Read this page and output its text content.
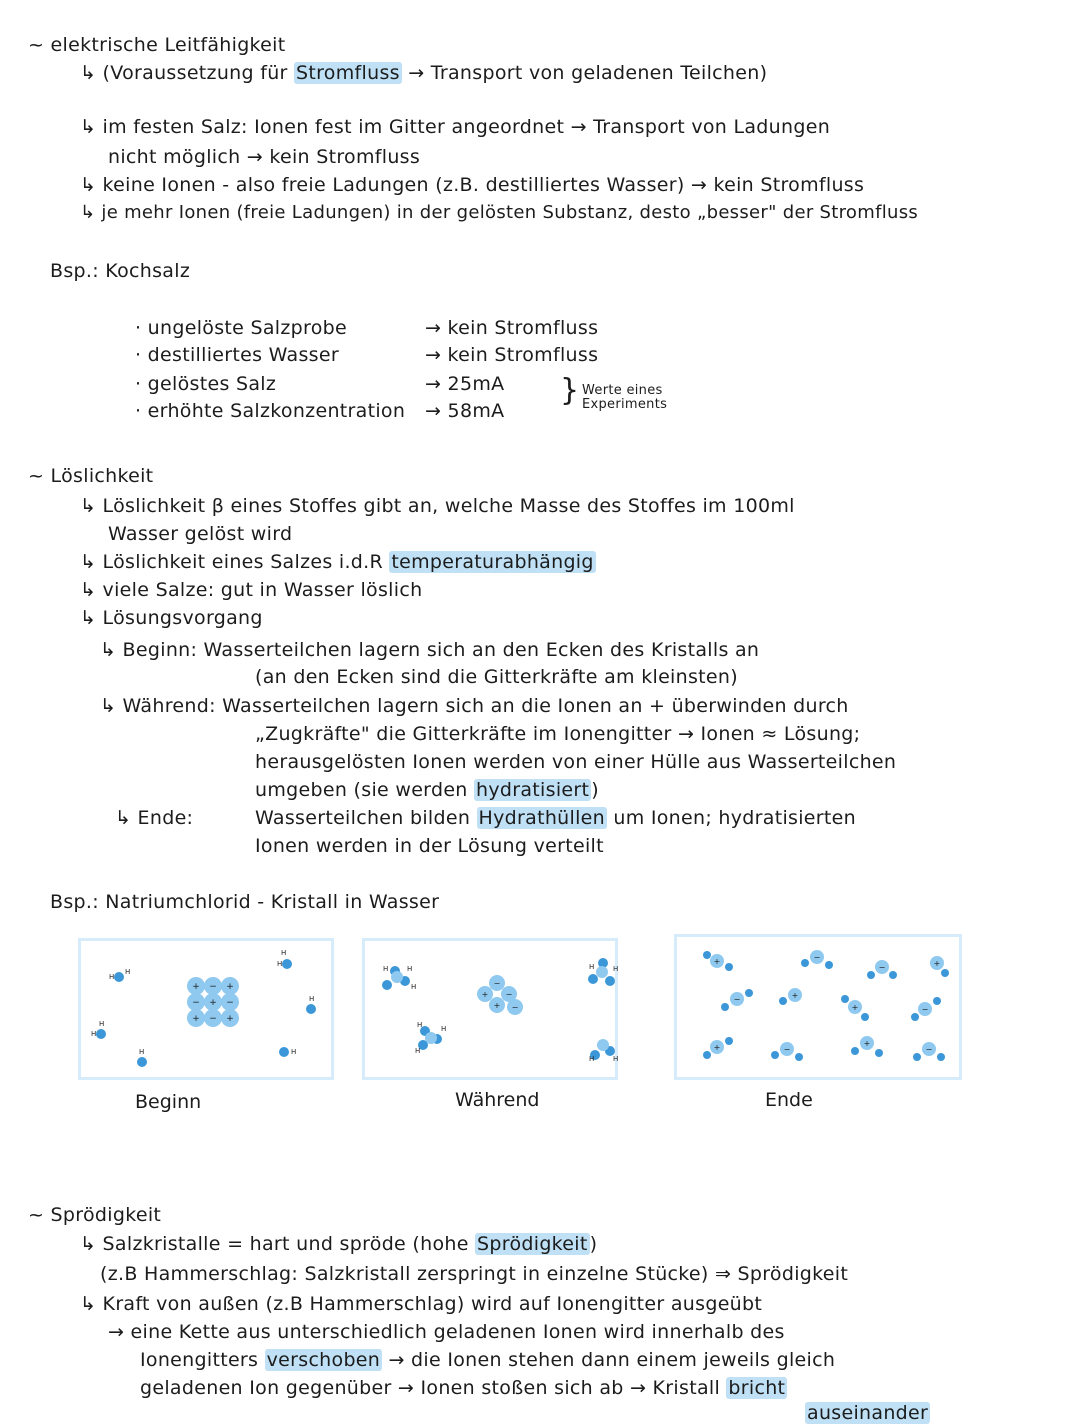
~ elektrische Leitfähigkeit
↳ (Voraussetzung für Stromfluss → Transport von geladenen Teilchen)
↳ im festen Salz: Ionen fest im Gitter angeordnet → Transport von Ladungen
nicht möglich → kein Stromfluss
↳ keine Ionen - also freie Ladungen (z.B. destilliertes Wasser) → kein Stromfluss
↳ je mehr Ionen (freie Ladungen) in der gelösten Substanz, desto „besser" der Stromfluss
Bsp.: Kochsalz
· ungelöste Salzprobe	→ kein Stromfluss
· destilliertes Wasser	→ kein Stromfluss
· gelöstes Salz	→ 25mA
· erhöhte Salzkonzentration → 58mA
} Werte eines
Experiments
~ Löslichkeit
↳ Löslichkeit β eines Stoffes gibt an, welche Masse des Stoffes im 100ml
Wasser gelöst wird
↳ Löslichkeit eines Salzes i.d.R temperaturabhängig
↳ viele Salze: gut in Wasser löslich
↳ Lösungsvorgang
↳ Beginn: Wasserteilchen lagern sich an den Ecken des Kristalls an
(an den Ecken sind die Gitterkräfte am kleinsten)
↳ Während: Wasserteilchen lagern sich an die Ionen an + überwinden durch
„Zugkräfte" die Gitterkräfte im Ionengitter → Ionen ≈ Lösung;
herausgelösten Ionen werden von einer Hülle aus Wasserteilchen
umgeben (sie werden hydratisiert )
↳ Ende:	Wasserteilchen bilden Hydrathüllen um Ionen; hydratisierten
Ionen werden in der Lösung verteilt
Bsp.: Natriumchlorid - Kristall in Wasser
+ − +
− + −
+ − +
H
H
H
H
H
H
H
H
H
−
+ −
+ −
H	H
H
H	H
H
H	H
H	H
+	−
−	+
−	+
+	−
+	−
+
−
Beginn	Während	Ende
~ Sprödigkeit
↳ Salzkristalle = hart und spröde (hohe Sprödigkeit )
(z.B Hammerschlag: Salzkristall zerspringt in einzelne Stücke) ⇒ Sprödigkeit
↳ Kraft von außen (z.B Hammerschlag) wird auf Ionengitter ausgeübt
→ eine Kette aus unterschiedlich geladenen Ionen wird innerhalb des
Ionengitters verschoben → die Ionen stehen dann einem jeweils gleich
geladenen Ion gegenüber → Ionen stoßen sich ab → Kristall bricht
auseinander
